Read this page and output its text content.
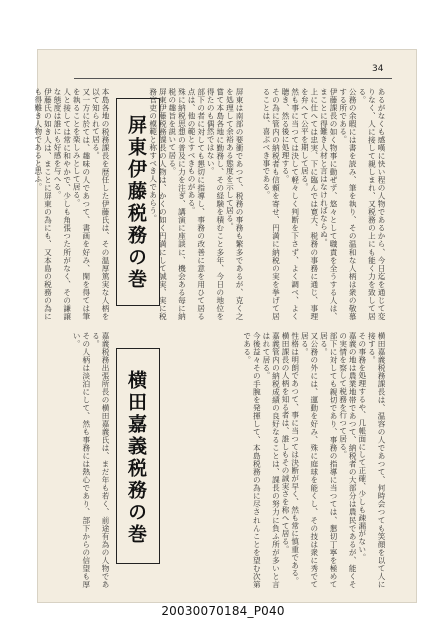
34

あるがなくも感嘆に快い程の人物であるから、今日迄を通じて変りなく、人に接して親しまれ、又税務の上にも能く力を致して居る。

公務の余暇には書を読み、筆を執り、その温和な人柄は衆の敬慕する所である。

伊藤課長の如く物事に動ぜず、悠々として職責を全うする人は、まことに得難き人材と言はなければならぬ。

上に仕へては忠実、下に臨んでは寛大、税務の事務に通じ、事理を弁へて公平を期して居る。

然も事に当つては決して軽々しく判断を下さず、よく調べ、よく聴き、然る後に処理する。

その為に管内の納税者も信頼を寄せ、円満に納税の実を挙げて居ることは、喜ぶべき事である。

屏東は南部の要衝であつて、税務の事務も繁多であるが、克く之を処理して余裕ある態度を示して居る。

嘗て本島各地に勤務し、その経験を積むこと多年、今日の地位を得たのも偶然ではない。

部下の者に対しても懇切に指導し、事務の改善に意を用ひて居る点は、他の範とすべきものがある。

殊に納税思想の普及に力を注ぎ、講演に座談に、機会ある毎に納税の趣旨を説いて居る。

屏東伊藤税務課長の人物は、かくの如く円満にして誠実、実に税務官吏の模範と称すべき人であらう。

屏東伊藤税務の巻

本島各地の税務課長を歴任した伊藤氏は、その温厚篤実な人柄を以て知られて居る。

又一方に於ては、趣味の人であつて、書画を好み、閑を得ては筆を執ることを楽しみとして居る。

人と接しては常に和やかで、少しも角張つた所がなく、その謙譲な態度は誰にも好感を与へる。

伊藤氏の如き人は、まことに屏東の為にも、又本島の税務の為にも得難き人物であると思ふ。

横田嘉義税務課長は、温容の人であつて、何時会つても笑顔を以て人に接する。

その事務を処理するや、几帳面にして正確、少しも疎漏がない。

嘉義の地は農業地帯であつて、納税者の大部分は農民であるが、能くその実情を察して税務を行つて居る。

部下に対しても親切であり、事務の指導に当つては、懇切丁寧を極めて居る。

又公務の外には、運動を好み、殊に庭球を能くし、その技は衆に秀でて居る。

性格は明朗であつて、事に当つては決断が早く、然も常に慎重である。

横田課長の人柄を知る者は、誰しもその誠実さを称へて居る。

嘉義管内の納税成績の良好なることは、課長の努力に負ふ所が多いと言はれて居る。

今後益々その手腕を発揮して、本島税務の為に尽されんことを望む次第である。

横田嘉義税務の巻

嘉義税務出張所長の横田嘉義氏は、まだ年も若く、前途有為の人物である。

その人柄は淡泊にして、然も事務には熱心であり、部下からの信望も厚い。

20030070184_P040
